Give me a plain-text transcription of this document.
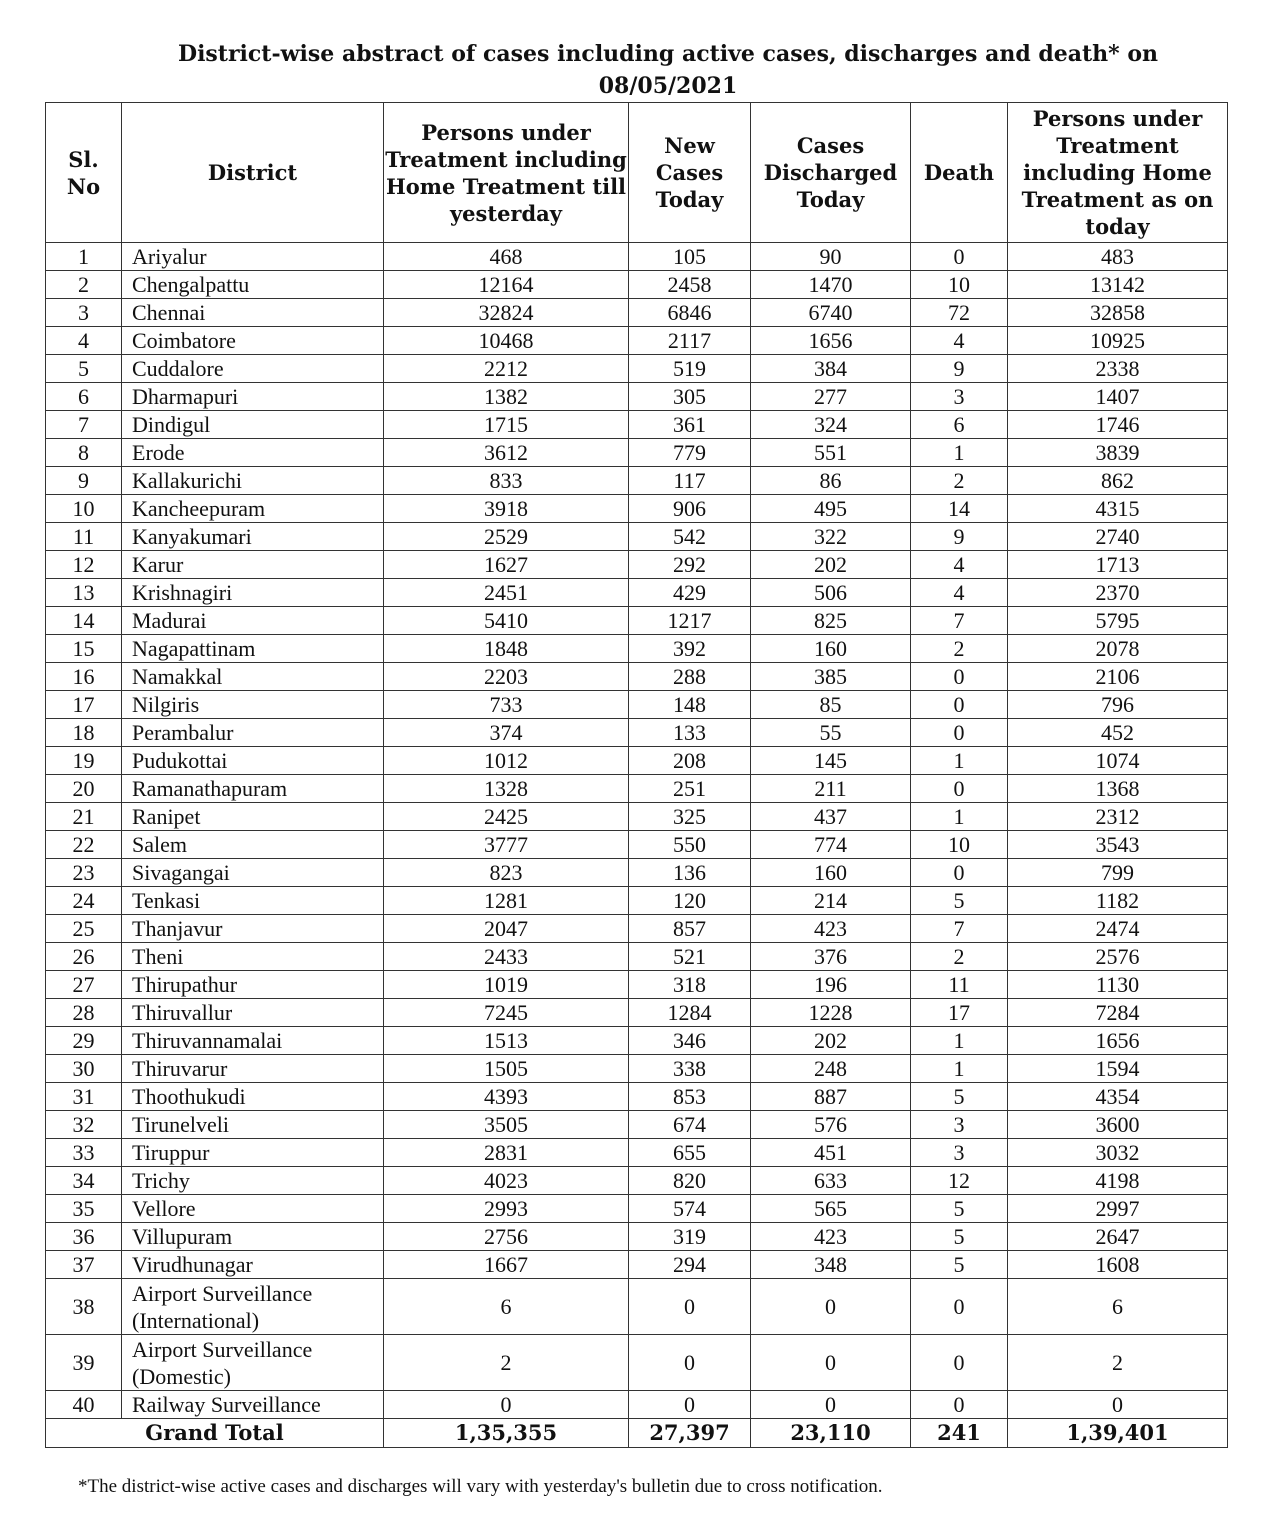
District-wise abstract of cases including active cases, discharges and death* on
08/05/2021
Sl. No	District	Persons under Treatment including Home Treatment till yesterday	New Cases Today	Cases Discharged Today	Death	Persons under Treatment including Home Treatment as on today
1	Ariyalur	468	105	90	0	483
2	Chengalpattu	12164	2458	1470	10	13142
3	Chennai	32824	6846	6740	72	32858
4	Coimbatore	10468	2117	1656	4	10925
5	Cuddalore	2212	519	384	9	2338
6	Dharmapuri	1382	305	277	3	1407
7	Dindigul	1715	361	324	6	1746
8	Erode	3612	779	551	1	3839
9	Kallakurichi	833	117	86	2	862
10	Kancheepuram	3918	906	495	14	4315
11	Kanyakumari	2529	542	322	9	2740
12	Karur	1627	292	202	4	1713
13	Krishnagiri	2451	429	506	4	2370
14	Madurai	5410	1217	825	7	5795
15	Nagapattinam	1848	392	160	2	2078
16	Namakkal	2203	288	385	0	2106
17	Nilgiris	733	148	85	0	796
18	Perambalur	374	133	55	0	452
19	Pudukottai	1012	208	145	1	1074
20	Ramanathapuram	1328	251	211	0	1368
21	Ranipet	2425	325	437	1	2312
22	Salem	3777	550	774	10	3543
23	Sivagangai	823	136	160	0	799
24	Tenkasi	1281	120	214	5	1182
25	Thanjavur	2047	857	423	7	2474
26	Theni	2433	521	376	2	2576
27	Thirupathur	1019	318	196	11	1130
28	Thiruvallur	7245	1284	1228	17	7284
29	Thiruvannamalai	1513	346	202	1	1656
30	Thiruvarur	1505	338	248	1	1594
31	Thoothukudi	4393	853	887	5	4354
32	Tirunelveli	3505	674	576	3	3600
33	Tiruppur	2831	655	451	3	3032
34	Trichy	4023	820	633	12	4198
35	Vellore	2993	574	565	5	2997
36	Villupuram	2756	319	423	5	2647
37	Virudhunagar	1667	294	348	5	1608
38	Airport Surveillance (International)	6	0	0	0	6
39	Airport Surveillance (Domestic)	2	0	0	0	2
40	Railway Surveillance	0	0	0	0	0
Grand Total		1,35,355	27,397	23,110	241	1,39,401
*The district-wise active cases and discharges will vary with yesterday's bulletin due to cross notification.
